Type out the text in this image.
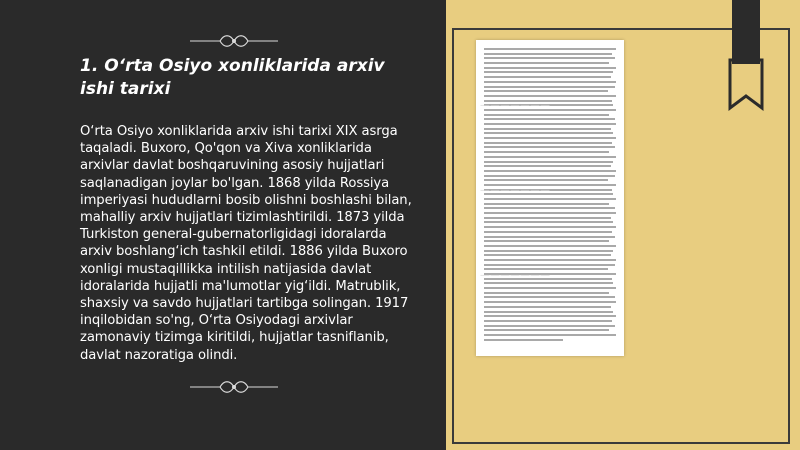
1. O‘rta Osiyo xonliklarida arxiv ishi tarixi

O‘rta Osiyo xonliklarida arxiv ishi tarixi XIX asrga taqaladi. Buxoro, Qo'qon va Xiva xonliklarida arxivlar davlat boshqaruvining asosiy hujjatlari saqlanadigan joylar bo'lgan. 1868 yilda Rossiya imperiyasi hududlarni bosib olishni boshlashi bilan, mahalliy arxiv hujjatlari tizimlashtirildi. 1873 yilda Turkiston general-gubernatorligidagi idoralarda arxiv boshlang‘ich tashkil etildi. 1886 yilda Buxoro xonligi mustaqillikka intilish natijasida davlat idoralarida hujjatli ma'lumotlar yig‘ildi. Matrublik, shaxsiy va savdo hujjatlari tartibga solingan. 1917 inqilobidan so'ng, O‘rta Osiyodagi arxivlar zamonaviy tizimga kiritildi, hujjatlar tasniflanib, davlat nazoratiga olindi.

———————
———————
———————
